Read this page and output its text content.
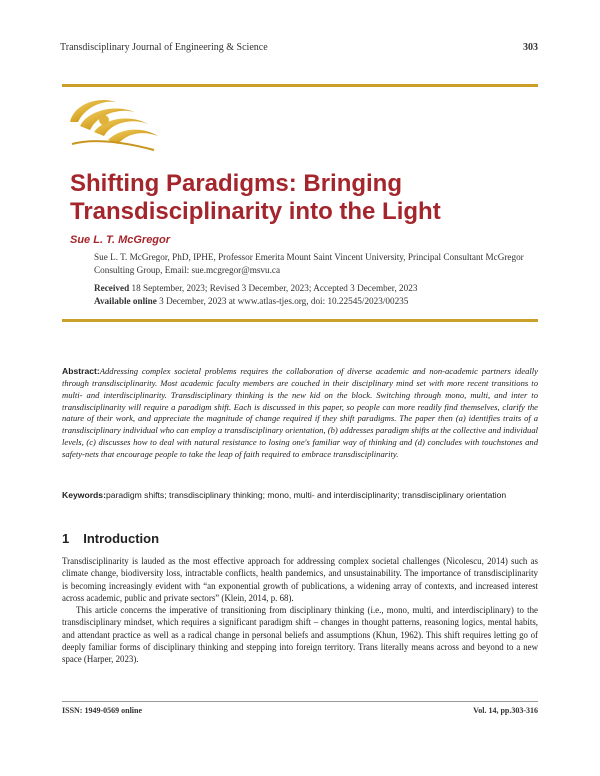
Transdisciplinary Journal of Engineering & Science	303
Shifting Paradigms: Bringing Transdisciplinarity into the Light
Sue L. T. McGregor
Sue L. T. McGregor, PhD, IPHE, Professor Emerita Mount Saint Vincent University, Principal Consultant McGregor Consulting Group, Email: sue.mcgregor@msvu.ca
Received 18 September, 2023; Revised 3 December, 2023; Accepted 3 December, 2023
Available online 3 December, 2023 at www.atlas-tjes.org, doi: 10.22545/2023/00235
Abstract:Addressing complex societal problems requires the collaboration of diverse academic and non-academic partners ideally through transdisciplinarity. Most academic faculty members are couched in their disciplinary mind set with more recent transitions to multi- and interdisciplinarity. Transdisciplinary thinking is the new kid on the block. Switching through mono, multi, and inter to transdisciplinarity will require a paradigm shift. Each is discussed in this paper, so people can more readily find themselves, clarify the nature of their work, and appreciate the magnitude of change required if they shift paradigms. The paper then (a) identifies traits of a transdisciplinary individual who can employ a transdisciplinary orientation, (b) addresses paradigm shifts at the collective and individual levels, (c) discusses how to deal with natural resistance to losing one's familiar way of thinking and (d) concludes with touchstones and safety-nets that encourage people to take the leap of faith required to embrace transdisciplinarity.
Keywords:paradigm shifts; transdisciplinary thinking; mono, multi- and interdisciplinarity; transdisciplinary orientation
1 Introduction

Transdisciplinarity is lauded as the most effective approach for addressing complex societal challenges (Nicolescu, 2014) such as climate change, biodiversity loss, intractable conflicts, health pandemics, and unsustainability. The importance of transdisciplinarity is becoming increasingly evident with “an exponential growth of publications, a widening array of contexts, and increased interest across academic, public and private sectors” (Klein, 2014, p. 68).

This article concerns the imperative of transitioning from disciplinary thinking (i.e., mono, multi, and interdisciplinary) to the transdisciplinary mindset, which requires a significant paradigm shift – changes in thought patterns, reasoning logics, mental habits, and attendant practice as well as a radical change in personal beliefs and assumptions (Khun, 1962). This shift requires letting go of deeply familiar forms of disciplinary thinking and stepping into foreign territory. Trans literally means across and beyond to a new space (Harper, 2023).

ISSN: 1949-0569 online	Vol. 14, pp.303-316
